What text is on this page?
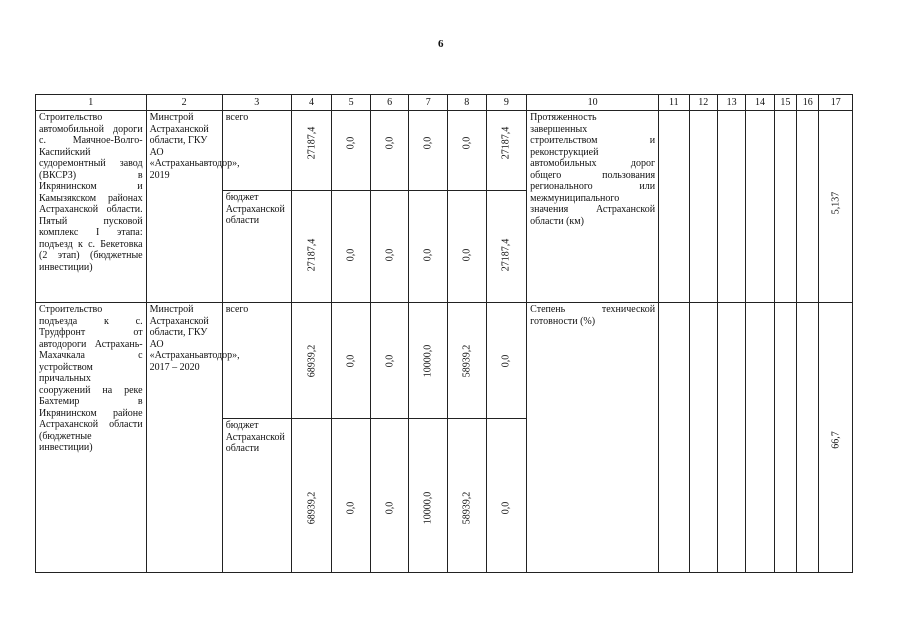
6
1	2	3	4	5	6	7	8	9	10	11	12	13	14	15	16	17
Строительство автомобильной дороги с. Маячное-Волго-Каспийский судоремонтный завод (ВКСРЗ) в Икрянинском и Камызякском районах Астраханской области. Пятый пусковой комплекс I этапа: подъезд к с. Бекетовка (2 этап) (бюджетные инвестиции)	Минстрой Астраханской области, ГКУ АО «Астраханьавтодор», 2019	всего	27187,4	0,0	0,0	0,0	0,0	27187,4	Протяженность завершенных строительством и реконструкцией автомобильных дорог общего пользования регионального или межмуниципального значения Астраханской области (км)							5,137

		бюджет Астраханской области	27187,4	0,0	0,0	0,0	0,0	27187,4								

Строительство подъезда к с. Трудфронт от автодороги Астрахань-Махачкала с устройством причальных сооружений на реке Бахтемир в Икрянинском районе Астраханской области (бюджетные инвестиции)	Минстрой Астраханской области, ГКУ АО «Астраханьавтодор», 2017 – 2020	всего	68939,2	0,0	0,0	10000,0	58939,2	0,0	Степень технической готовности (%)							66,7

		бюджет Астраханской области	68939,2	0,0	0,0	10000,0	58939,2	0,0								
